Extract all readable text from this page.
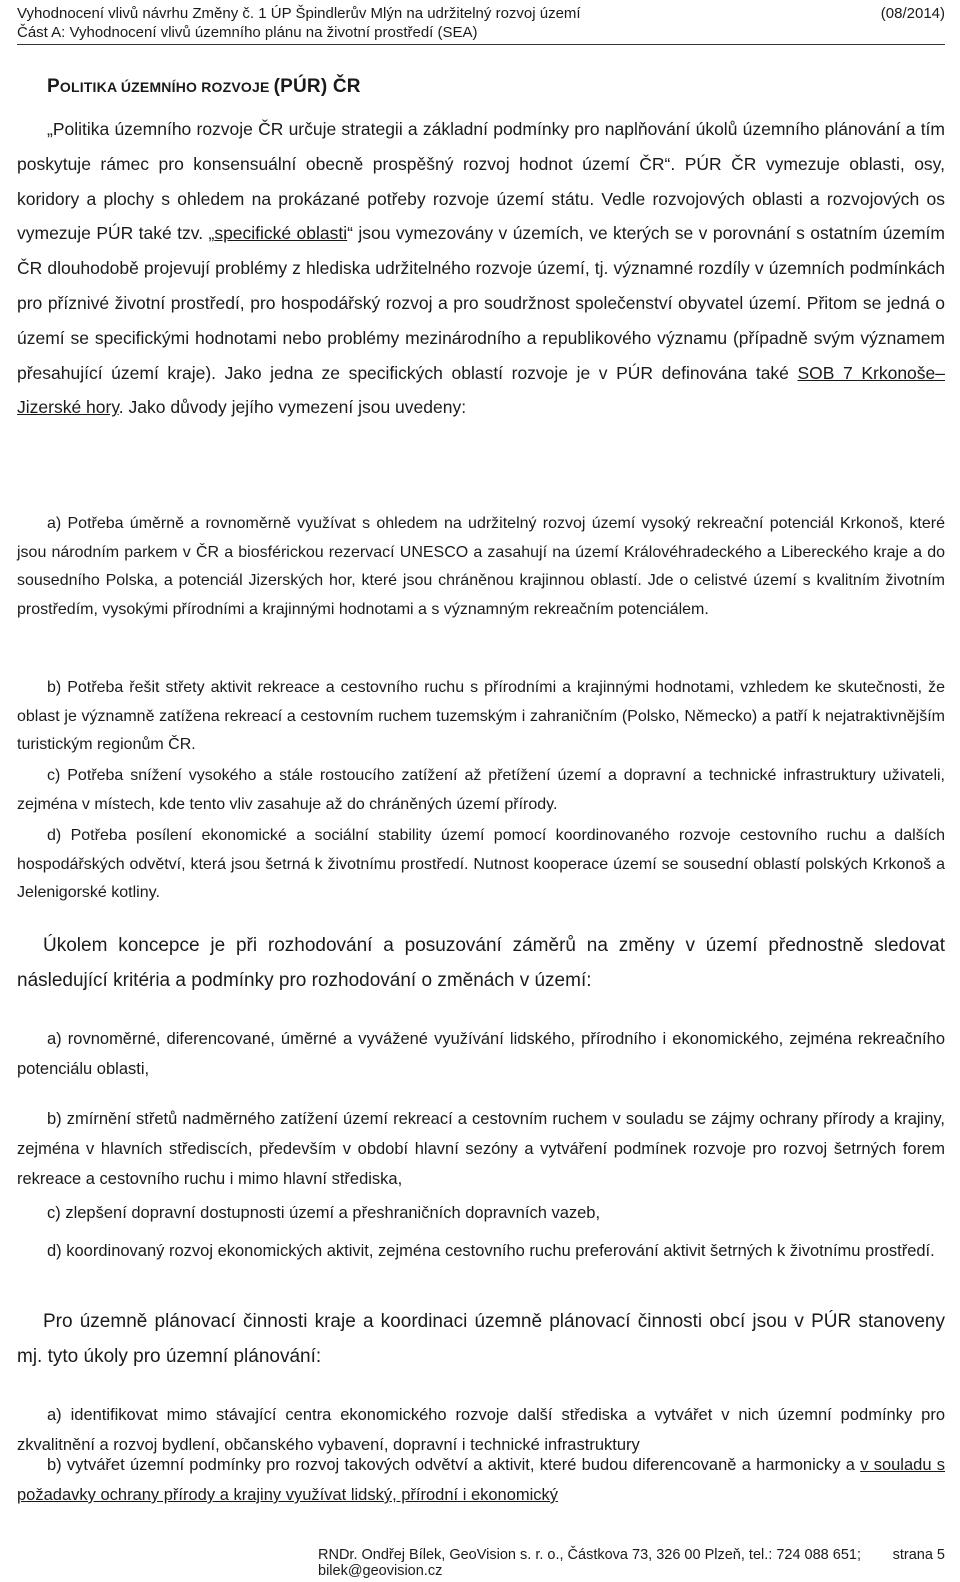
Vyhodnocení vlivů návrhu Změny č. 1 ÚP Špindlerův Mlýn na udržitelný rozvoj území	(08/2014)
Část A: Vyhodnocení vlivů územního plánu na životní prostředí (SEA)
POLITIKA ÚZEMNÍHO ROZVOJE (PÚR) ČR

„Politika územního rozvoje ČR určuje strategii a základní podmínky pro naplňování úkolů územního plánování a tím poskytuje rámec pro konsensuální obecně prospěšný rozvoj hodnot území ČR“. PÚR ČR vymezuje oblasti, osy, koridory a plochy s ohledem na prokázané potřeby rozvoje území státu. Vedle rozvojových oblasti a rozvojových os vymezuje PÚR také tzv. „specifické oblasti“ jsou vymezovány v územích, ve kterých se v porovnání s ostatním územím ČR dlouhodobě projevují problémy z hlediska udržitelného rozvoje území, tj. významné rozdíly v územních podmínkách pro příznivé životní prostředí, pro hospodářský rozvoj a pro soudržnost společenství obyvatel území. Přitom se jedná o území se specifickými hodnotami nebo problémy mezinárodního a republikového významu (případně svým významem přesahující území kraje). Jako jedna ze specifických oblastí rozvoje je v PÚR definována také SOB 7 Krkonoše–Jizerské hory. Jako důvody jejího vymezení jsou uvedeny:

a) Potřeba úměrně a rovnoměrně využívat s ohledem na udržitelný rozvoj území vysoký rekreační potenciál Krkonoš, které jsou národním parkem v ČR a biosférickou rezervací UNESCO a zasahují na území Královéhradeckého a Libereckého kraje a do sousedního Polska, a potenciál Jizerských hor, které jsou chráněnou krajinnou oblastí. Jde o celistvé území s kvalitním životním prostředím, vysokými přírodními a krajinnými hodnotami a s významným rekreačním potenciálem.

b) Potřeba řešit střety aktivit rekreace a cestovního ruchu s přírodními a krajinnými hodnotami, vzhledem ke skutečnosti, že oblast je významně zatížena rekreací a cestovním ruchem tuzemským i zahraničním (Polsko, Německo) a patří k nejatraktivnějším turistickým regionům ČR.

c) Potřeba snížení vysokého a stále rostoucího zatížení až přetížení území a dopravní a technické infrastruktury uživateli, zejména v místech, kde tento vliv zasahuje až do chráněných území přírody.

d) Potřeba posílení ekonomické a sociální stability území pomocí koordinovaného rozvoje cestovního ruchu a dalších hospodářských odvětví, která jsou šetrná k životnímu prostředí. Nutnost kooperace území se sousední oblastí polských Krkonoš a Jelenigorské kotliny.

Úkolem koncepce je při rozhodování a posuzování záměrů na změny v území přednostně sledovat následující kritéria a podmínky pro rozhodování o změnách v území:

a) rovnoměrné, diferencované, úměrné a vyvážené využívání lidského, přírodního i ekonomického, zejména rekreačního potenciálu oblasti,

b) zmírnění střetů nadměrného zatížení území rekreací a cestovním ruchem v souladu se zájmy ochrany přírody a krajiny, zejména v hlavních střediscích, především v období hlavní sezóny a vytváření podmínek rozvoje pro rozvoj šetrných forem rekreace a cestovního ruchu i mimo hlavní střediska,

c) zlepšení dopravní dostupnosti území a přeshraničních dopravních vazeb,

d) koordinovaný rozvoj ekonomických aktivit, zejména cestovního ruchu preferování aktivit šetrných k životnímu prostředí.

Pro územně plánovací činnosti kraje a koordinaci územně plánovací činnosti obcí jsou v PÚR stanoveny mj. tyto úkoly pro územní plánování:

a) identifikovat mimo stávající centra ekonomického rozvoje další střediska a vytvářet v nich územní podmínky pro zkvalitnění a rozvoj bydlení, občanského vybavení, dopravní i technické infrastruktury

b) vytvářet územní podmínky pro rozvoj takových odvětví a aktivit, které budou diferencovaně a harmonicky a v souladu s požadavky ochrany přírody a krajiny využívat lidský, přírodní i ekonomický

RNDr. Ondřej Bílek, GeoVision s. r. o., Částkova 73, 326 00 Plzeň, tel.: 724 088 651; bilek@geovision.cz
strana 5
